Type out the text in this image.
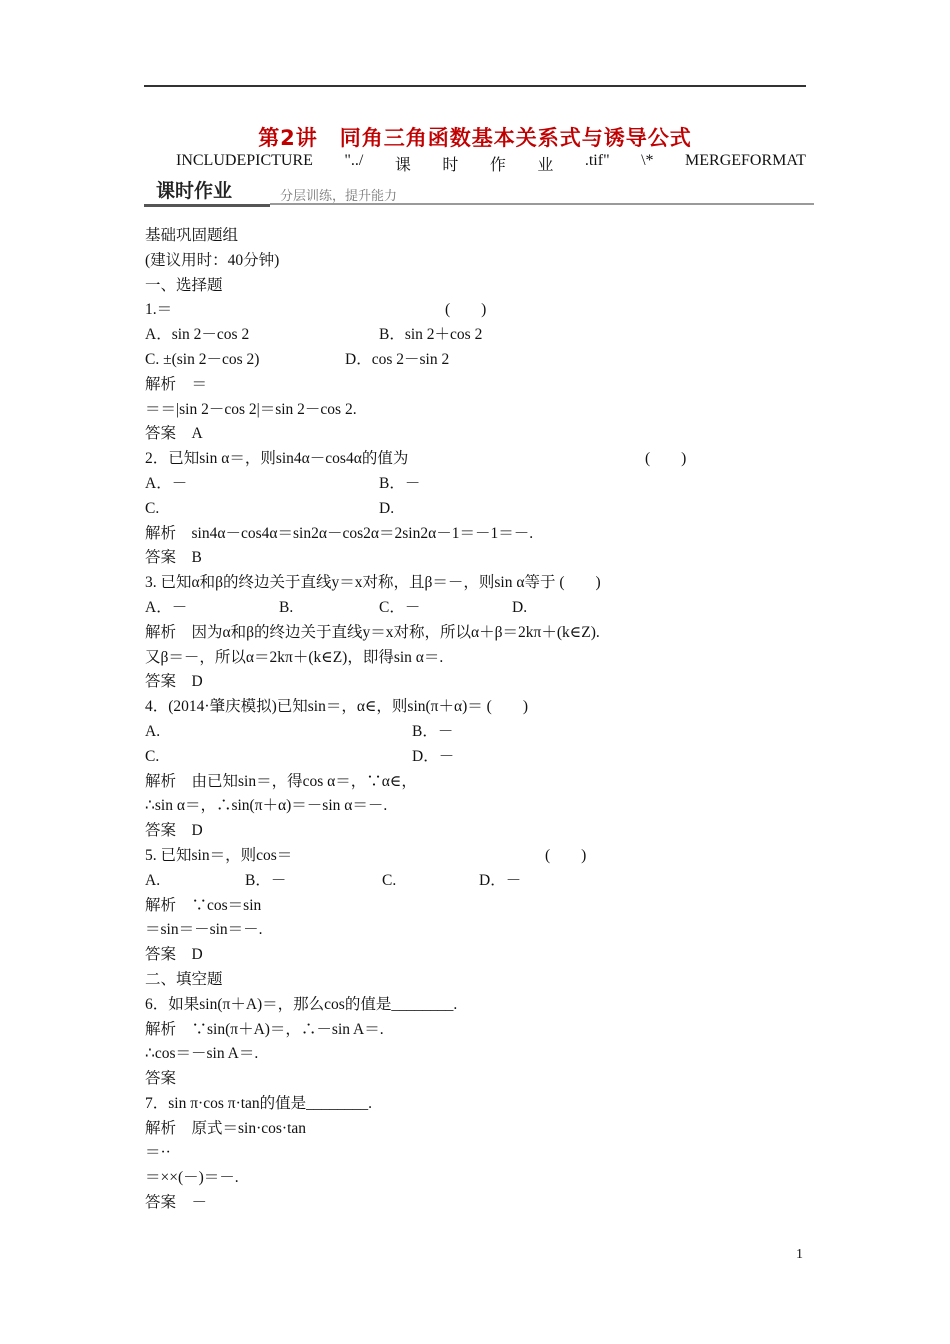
第2讲　同角三角函数基本关系式与诱导公式
INCLUDEPICTURE "../ 课 时 作 业 .tif" \* MERGEFORMAT
课时作业	分层训练，提升能力
基础巩固题组
(建议用时：40分钟)
一、选择题
1.＝	(　　)
A．sin 2－cos 2	B．sin 2＋cos 2
C. ±(sin 2－cos 2)	D．cos 2－sin 2
解析　＝
＝＝|sin 2－cos 2|＝sin 2－cos 2.
答案　A
2．已知sin α＝，则sin4α－cos4α的值为	(　　)
A．－	B．－
C.	D.
解析　sin4α－cos4α＝sin2α－cos2α＝2sin2α－1＝－1＝－.
答案　B
3. 已知α和β的终边关于直线y＝x对称，且β＝－，则sin α等于 (　　)
A．－	B.	C．－	D.
解析　因为α和β的终边关于直线y＝x对称，所以α＋β＝2kπ＋(k∈Z).
又β＝－，所以α＝2kπ＋(k∈Z)，即得sin α＝.
答案　D
4．(2014·肇庆模拟)已知sin＝，α∈，则sin(π＋α)＝ (　　)
A.	B．－
C.	D．－
解析　由已知sin＝，得cos α＝，∵α∈，
∴sin α＝，∴sin(π＋α)＝－sin α＝－.
答案　D
5. 已知sin＝，则cos＝	(　　)
A.	B．－	C.	D．－
解析　∵cos＝sin
＝sin＝－sin＝－.
答案　D
二、填空题
6．如果sin(π＋A)＝，那么cos的值是________.
解析　∵sin(π＋A)＝，∴－sin A＝.
∴cos＝－sin A＝.
答案
7．sin π·cos π·tan的值是________.
解析　原式＝sin·cos·tan
＝··
＝××(－)＝－.
答案　－
1
